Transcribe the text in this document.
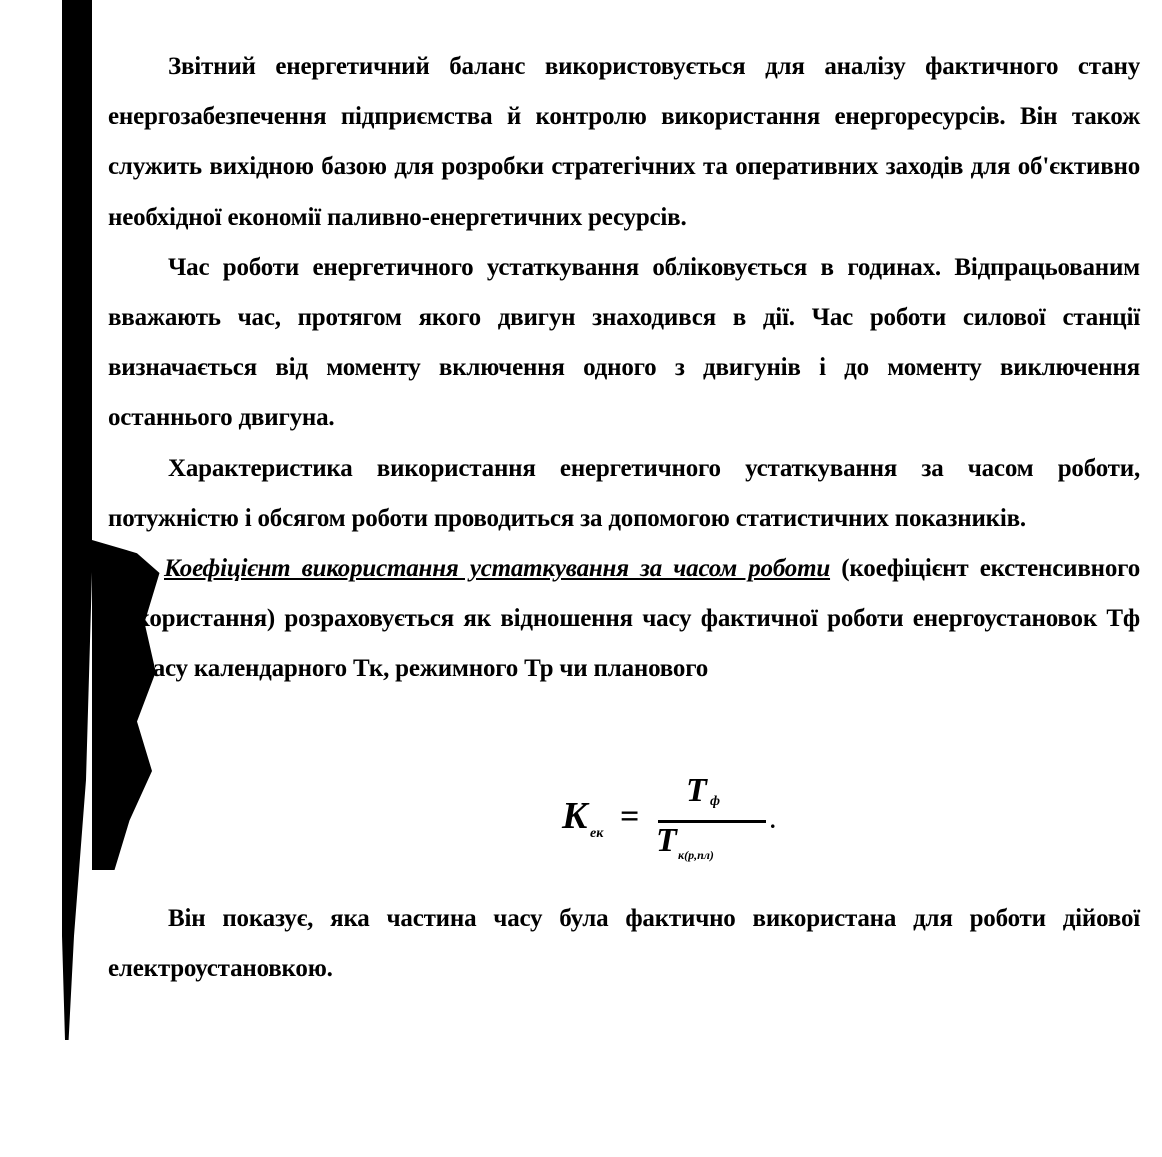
Звітний енергетичний баланс використовується для аналізу фактичного стану енергозабезпечення підприємства й контролю використання енергоресурсів. Він також служить вихідною базою для розробки стратегічних та оперативних заходів для об'єктивно необхідної економії паливно-енергетичних ресурсів.

Час роботи енергетичного устаткування обліковується в годинах. Відпрацьованим вважають час, протягом якого двигун знаходився в дії. Час роботи силової станції визначається від моменту включення одного з двигунів і до моменту виключення останнього двигуна.

Характеристика використання енергетичного устаткування за часом роботи, потужністю і обсягом роботи проводиться за допомогою статистичних показників.

Коефіцієнт використання устаткування за часом роботи (коефіцієнт екстенсивного використання) розраховується як відношення часу фактичної роботи енергоустановок Тф до часу календарного Тк, режимного Тр чи планового

K ек =
T ф
T к(р,пл)
.

Він показує, яка частина часу була фактично використана для роботи дійової електроустановкою.
